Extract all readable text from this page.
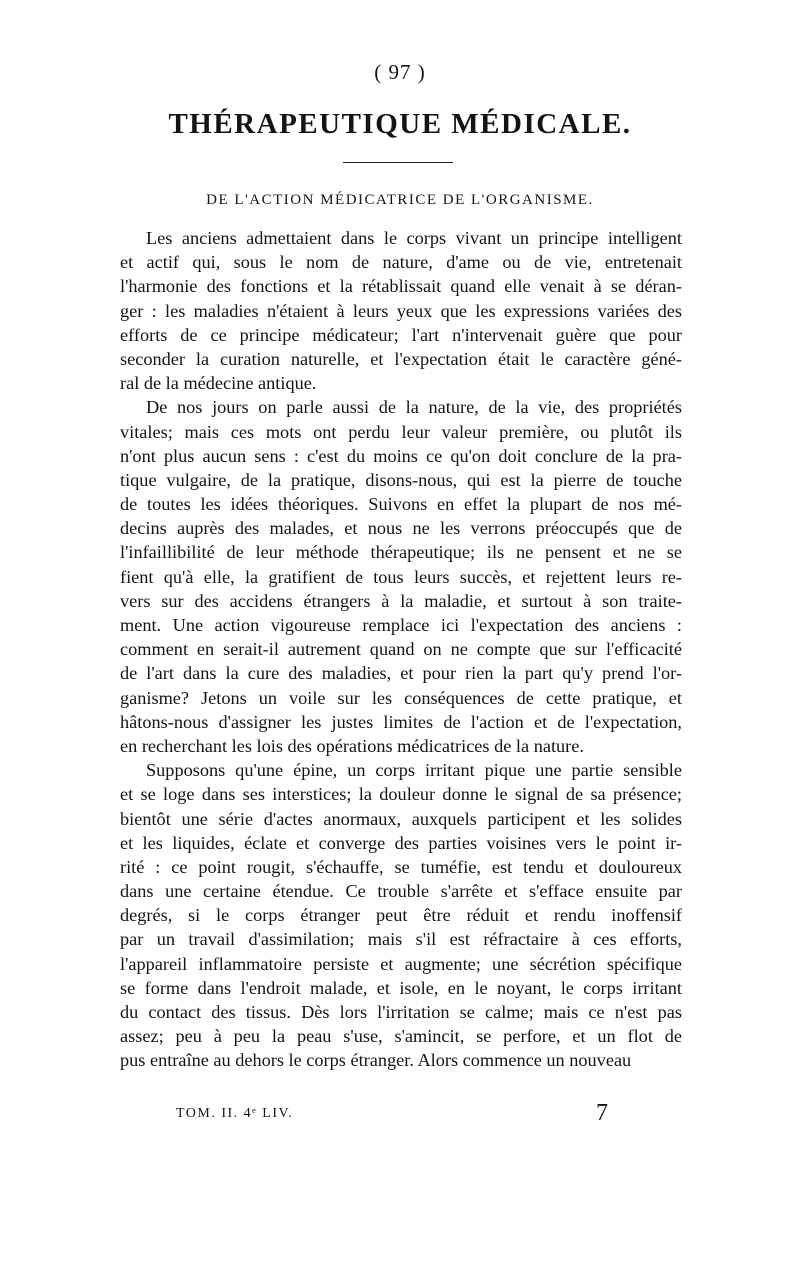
( 97 )
THÉRAPEUTIQUE MÉDICALE.
DE L'ACTION MÉDICATRICE DE L'ORGANISME.
Les anciens admettaient dans le corps vivant un principe intelligent
et actif qui, sous le nom de nature, d'ame ou de vie, entretenait
l'harmonie des fonctions et la rétablissait quand elle venait à se déran-
ger : les maladies n'étaient à leurs yeux que les expressions variées des
efforts de ce principe médicateur; l'art n'intervenait guère que pour
seconder la curation naturelle, et l'expectation était le caractère géné-
ral de la médecine antique.
De nos jours on parle aussi de la nature, de la vie, des propriétés
vitales; mais ces mots ont perdu leur valeur première, ou plutôt ils
n'ont plus aucun sens : c'est du moins ce qu'on doit conclure de la pra-
tique vulgaire, de la pratique, disons-nous, qui est la pierre de touche
de toutes les idées théoriques. Suivons en effet la plupart de nos mé-
decins auprès des malades, et nous ne les verrons préoccupés que de
l'infaillibilité de leur méthode thérapeutique; ils ne pensent et ne se
fient qu'à elle, la gratifient de tous leurs succès, et rejettent leurs re-
vers sur des accidens étrangers à la maladie, et surtout à son traite-
ment. Une action vigoureuse remplace ici l'expectation des anciens :
comment en serait-il autrement quand on ne compte que sur l'efficacité
de l'art dans la cure des maladies, et pour rien la part qu'y prend l'or-
ganisme? Jetons un voile sur les conséquences de cette pratique, et
hâtons-nous d'assigner les justes limites de l'action et de l'expectation,
en recherchant les lois des opérations médicatrices de la nature.
Supposons qu'une épine, un corps irritant pique une partie sensible
et se loge dans ses interstices; la douleur donne le signal de sa présence;
bientôt une série d'actes anormaux, auxquels participent et les solides
et les liquides, éclate et converge des parties voisines vers le point ir-
rité : ce point rougit, s'échauffe, se tuméfie, est tendu et douloureux
dans une certaine étendue. Ce trouble s'arrête et s'efface ensuite par
degrés, si le corps étranger peut être réduit et rendu inoffensif
par un travail d'assimilation; mais s'il est réfractaire à ces efforts,
l'appareil inflammatoire persiste et augmente; une sécrétion spécifique
se forme dans l'endroit malade, et isole, en le noyant, le corps irritant
du contact des tissus. Dès lors l'irritation se calme; mais ce n'est pas
assez; peu à peu la peau s'use, s'amincit, se perfore, et un flot de
pus entraîne au dehors le corps étranger. Alors commence un nouveau
TOM. II. 4ᵉ LIV.	7
